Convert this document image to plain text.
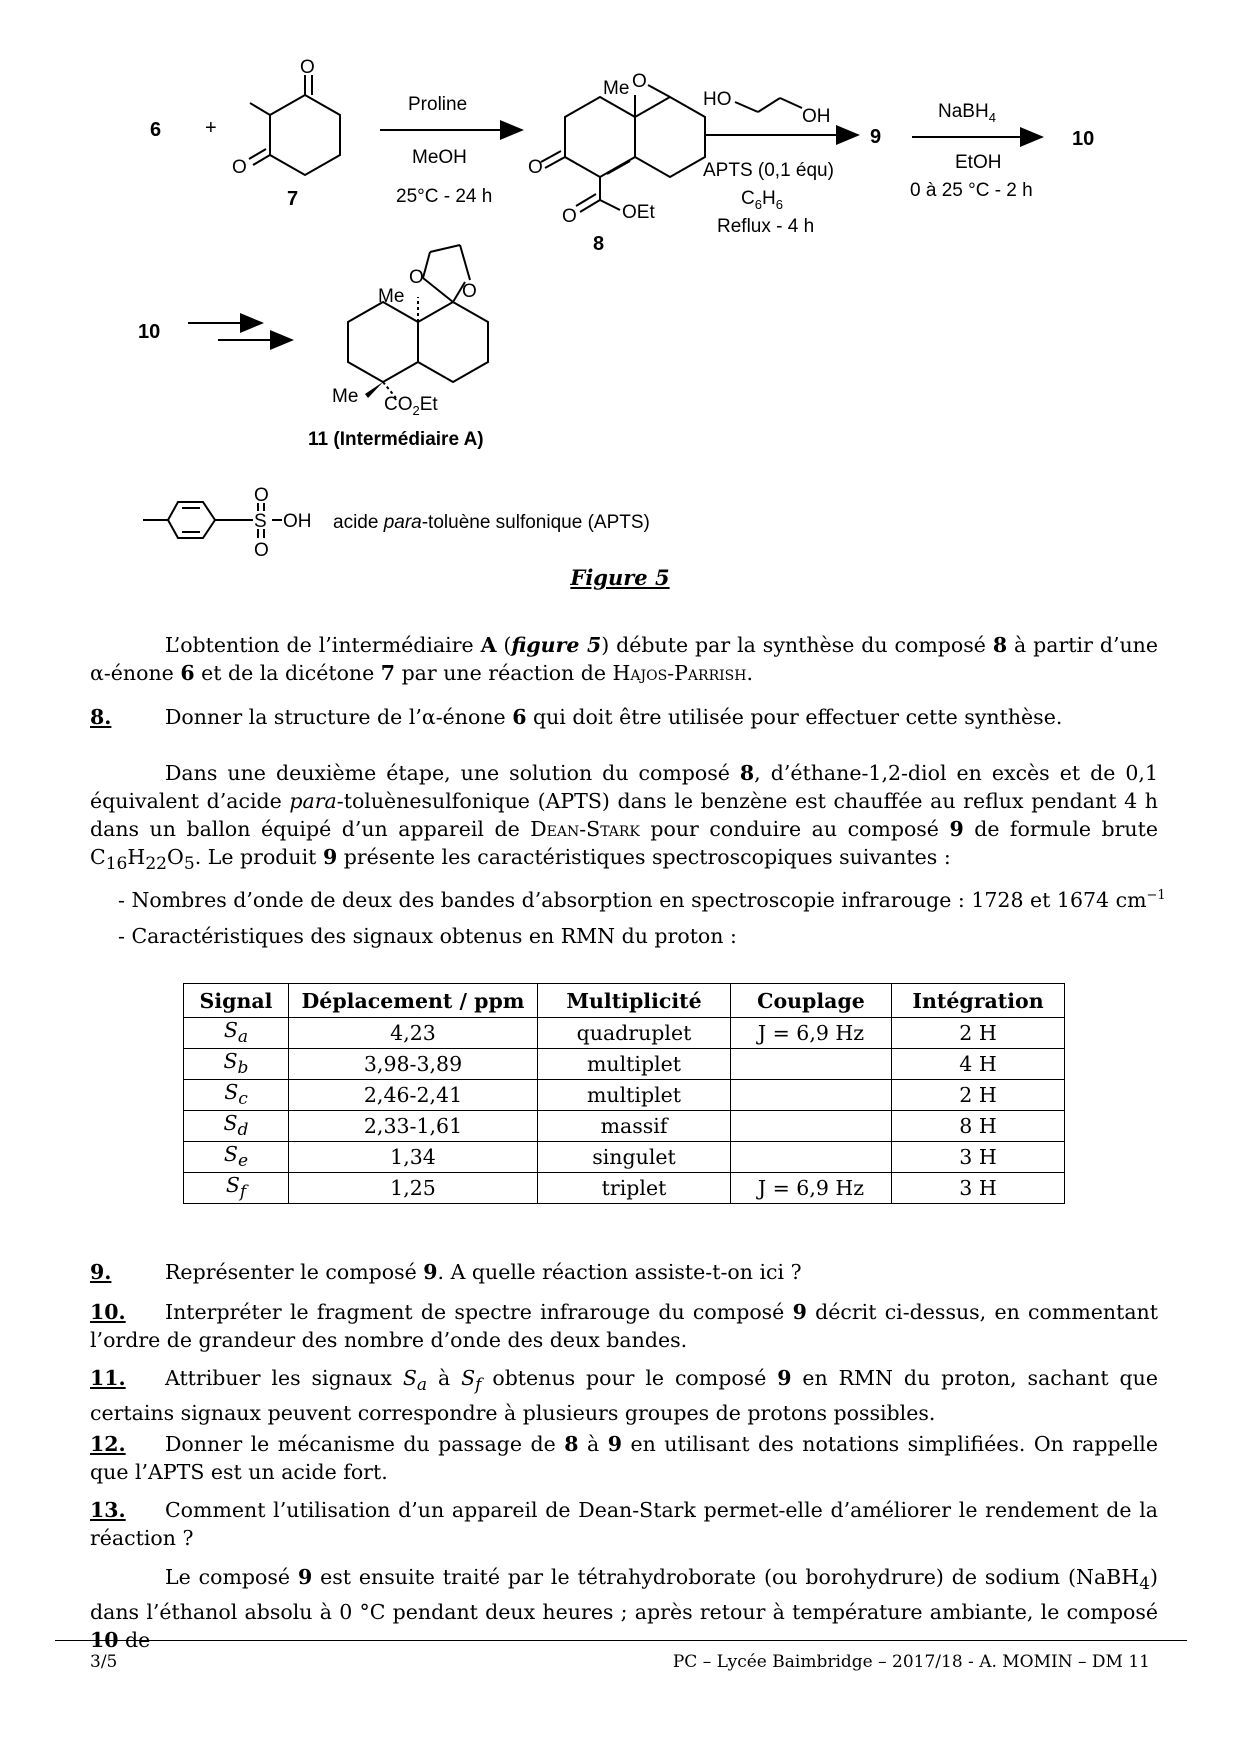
6 +
O
O
7
Proline
MeOH
25°C - 24 h
O
O
Me
O OEt
8
HO
OH
APTS (0,1 équ)
$C_6H_6$
Reflux - 4 h
9
NaBH$_4$
EtOH
0 à 25 °C - 2 h
10
10
O
O
Me
Me $CO_2Et$
11 (Intermédiaire A)
S
O
O
OH acide para-toluène sulfonique (APTS)
Figure 5
L’obtention de l’intermédiaire A (figure 5) débute par la synthèse du composé 8 à partir d’une α-énone 6 et de la dicétone 7 par une réaction de Hajos-Parrish.
8.	Donner la structure de l’α-énone 6 qui doit être utilisée pour effectuer cette synthèse.
Dans une deuxième étape, une solution du composé 8, d’éthane-1,2-diol en excès et de 0,1 équivalent d’acide para-toluènesulfonique (APTS) dans le benzène est chauffée au reflux pendant 4 h dans un ballon équipé d’un appareil de Dean-Stark pour conduire au composé 9 de formule brute $C_{16}H_{22}O_5$. Le produit 9 présente les caractéristiques spectroscopiques suivantes :
- Nombres d’onde de deux des bandes d’absorption en spectroscopie infrarouge : 1728 et 1674 $cm^{-1}$
- Caractéristiques des signaux obtenus en RMN du proton :
Signal	Déplacement / ppm	Multiplicité	Couplage	Intégration
$S_a$	4,23	quadruplet	J = 6,9 Hz	2 H
$S_b$	3,98-3,89	multiplet		4 H
$S_c$	2,46-2,41	multiplet		2 H
$S_d$	2,33-1,61	massif		8 H
$S_e$	1,34	singulet		3 H
$S_f$	1,25	triplet	J = 6,9 Hz	3 H
9.	Représenter le composé 9. A quelle réaction assiste-t-on ici ?
10. Interpréter le fragment de spectre infrarouge du composé 9 décrit ci-dessus, en commentant l’ordre de grandeur des nombre d’onde des deux bandes.
11. Attribuer les signaux $S_a$ à $S_f$ obtenus pour le composé 9 en RMN du proton, sachant que certains signaux peuvent correspondre à plusieurs groupes de protons possibles.
12. Donner le mécanisme du passage de 8 à 9 en utilisant des notations simplifiées. On rappelle que l’APTS est un acide fort.
13. Comment l’utilisation d’un appareil de Dean-Stark permet-elle d’améliorer le rendement de la réaction ?
Le composé 9 est ensuite traité par le tétrahydroborate (ou borohydrure) de sodium (NaBH$_4$) dans l’éthanol absolu à 0 °C pendant deux heures ; après retour à température ambiante, le composé 10 de
3/5	PC – Lycée Baimbridge – 2017/18 - A. MOMIN – DM 11
